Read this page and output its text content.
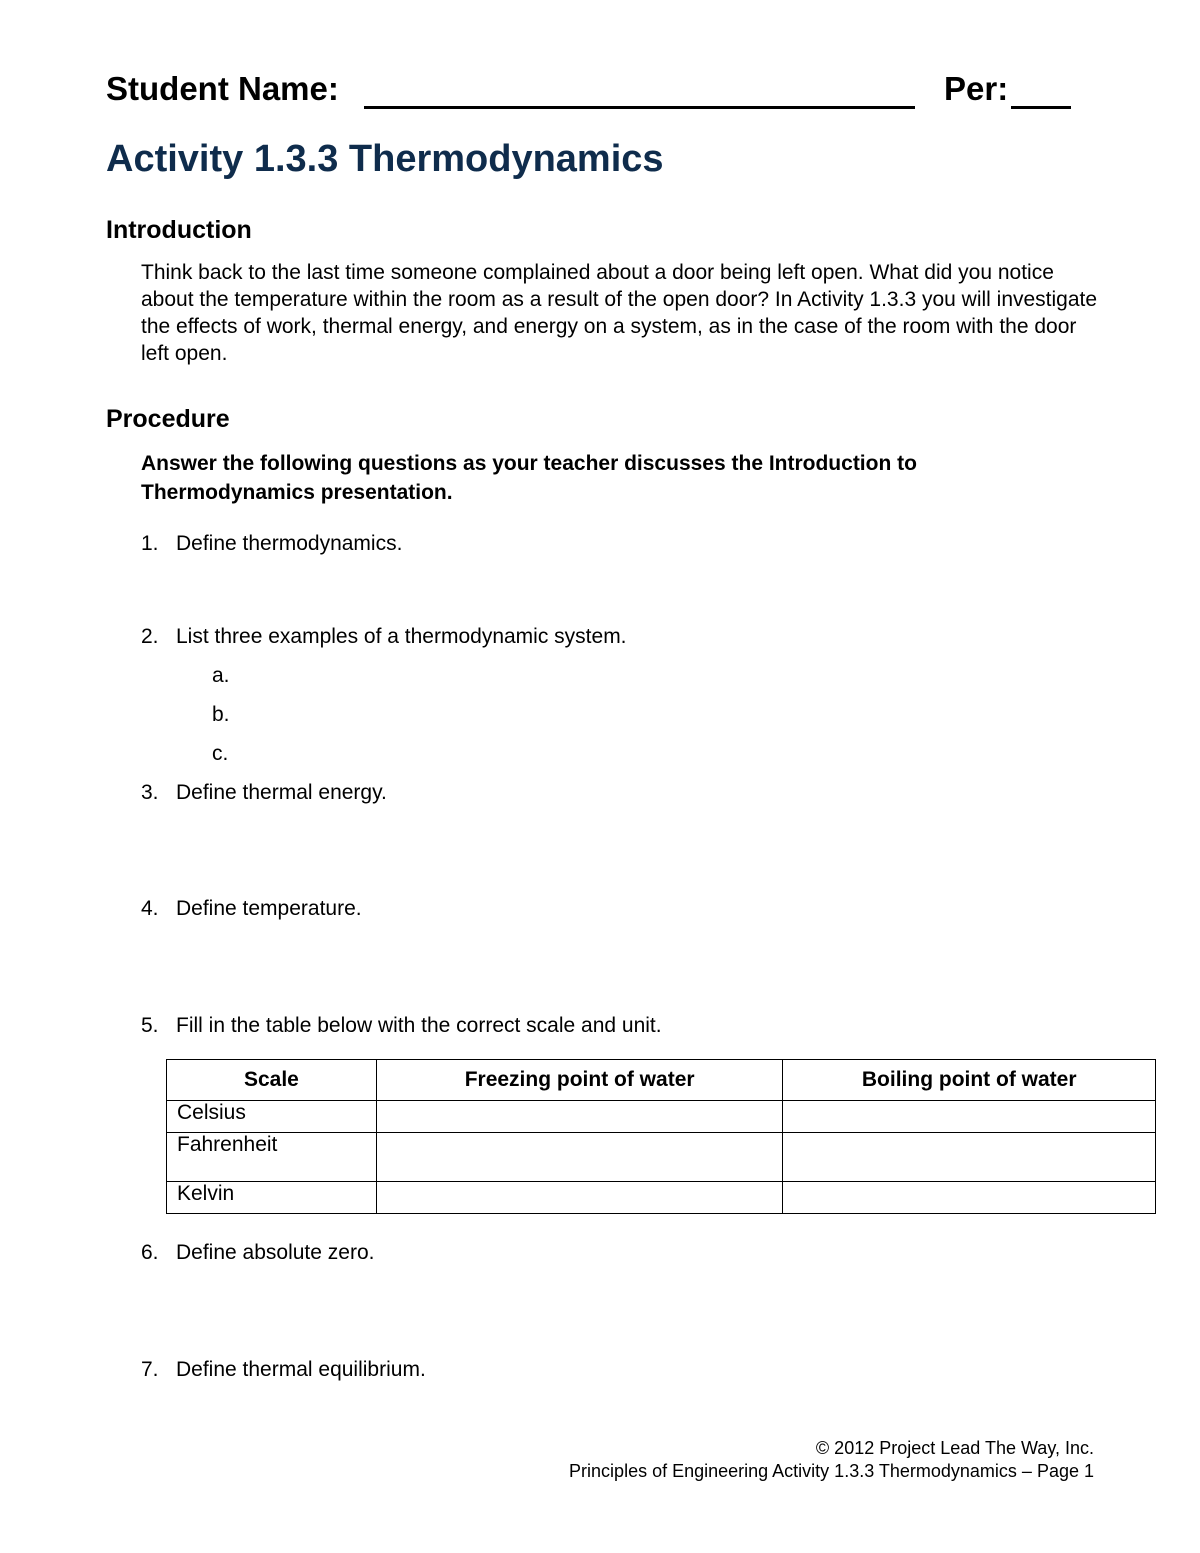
Student Name:	Per:
Activity 1.3.3 Thermodynamics
Introduction
Think back to the last time someone complained about a door being left open. What did you notice about the temperature within the room as a result of the open door? In Activity 1.3.3 you will investigate the effects of work, thermal energy, and energy on a system, as in the case of the room with the door left open.
Procedure
Answer the following questions as your teacher discusses the Introduction to Thermodynamics presentation.
1. Define thermodynamics.
2. List three examples of a thermodynamic system.
a.
b.
c.
3. Define thermal energy.
4. Define temperature.
5. Fill in the table below with the correct scale and unit.
Scale	Freezing point of water	Boiling point of water
Celsius		
Fahrenheit		
Kelvin		
6. Define absolute zero.
7. Define thermal equilibrium.
© 2012 Project Lead The Way, Inc.
Principles of Engineering Activity 1.3.3 Thermodynamics – Page 1
